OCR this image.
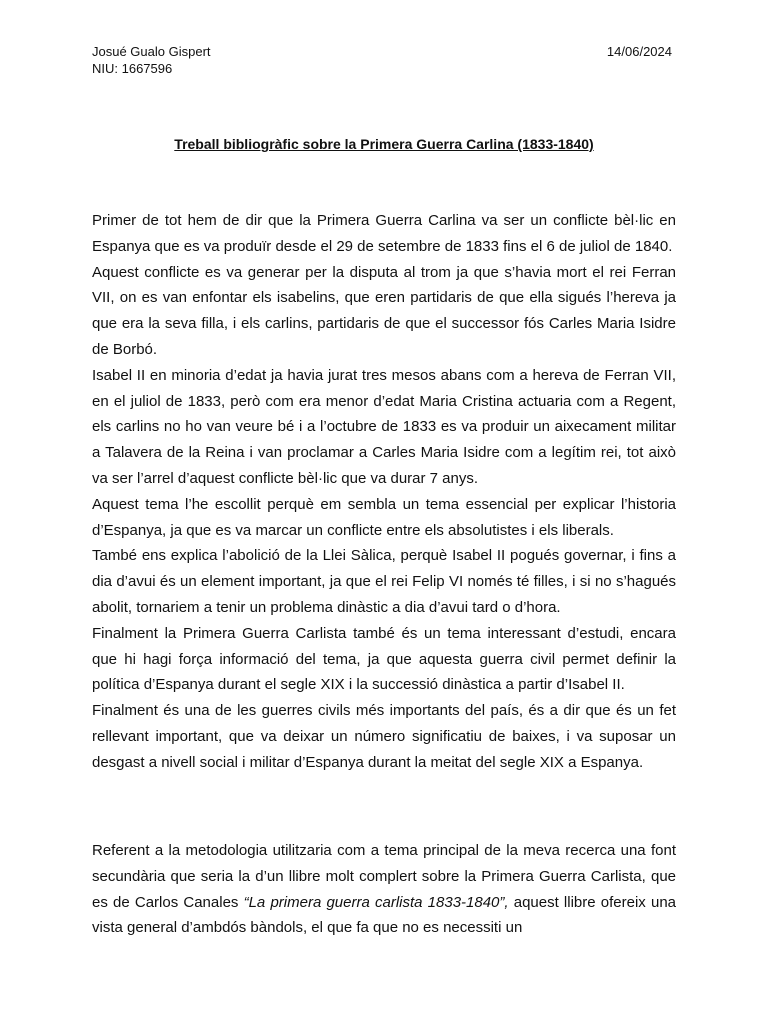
Josué Gualo Gispert
NIU: 1667596
14/06/2024
Treball bibliogràfic sobre la Primera Guerra Carlina (1833-1840)

Primer de tot hem de dir que la Primera Guerra Carlina va ser un conflicte bèl·lic en Espanya que es va produïr desde el 29 de setembre de 1833 fins el 6 de juliol de 1840.

Aquest conflicte es va generar per la disputa al trom ja que s’havia mort el rei Ferran VII, on es van enfontar els isabelins, que eren partidaris de que ella sigués l’hereva ja que era la seva filla, i els carlins, partidaris de que el successor fós Carles Maria Isidre de Borbó.

Isabel II en minoria d’edat ja havia jurat tres mesos abans com a hereva de Ferran VII, en el juliol de 1833, però com era menor d’edat Maria Cristina actuaria com a Regent, els carlins no ho van veure bé i a l’octubre de 1833 es va produir un aixecament militar a Talavera de la Reina i van proclamar a Carles Maria Isidre com a legítim rei, tot això va ser l’arrel d’aquest conflicte bèl·lic que va durar 7 anys.

Aquest tema l’he escollit perquè em sembla un tema essencial per explicar l’historia d’Espanya, ja que es va marcar un conflicte entre els absolutistes i els liberals.

També ens explica l’abolició de la Llei Sàlica, perquè Isabel II pogués governar, i fins a dia d’avui és un element important, ja que el rei Felip VI només té filles, i si no s’hagués abolit, tornariem a tenir un problema dinàstic a dia d’avui tard o d’hora.

Finalment la Primera Guerra Carlista també és un tema interessant d’estudi, encara que hi hagi força informació del tema, ja que aquesta guerra civil permet definir la política d’Espanya durant el segle XIX i la successió dinàstica a partir d’Isabel II.

Finalment és una de les guerres civils més importants del país, és a dir que és un fet rellevant important, que va deixar un número significatiu de baixes, i va suposar un desgast a nivell social i militar d’Espanya durant la meitat del segle XIX a Espanya.

Referent a la metodologia utilitzaria com a tema principal de la meva recerca una font secundària que seria la d’un llibre molt complert sobre la Primera Guerra Carlista, que es de Carlos Canales “La primera guerra carlista 1833-1840”, aquest llibre ofereix una vista general d’ambdós bàndols, el que fa que no es necessiti un
